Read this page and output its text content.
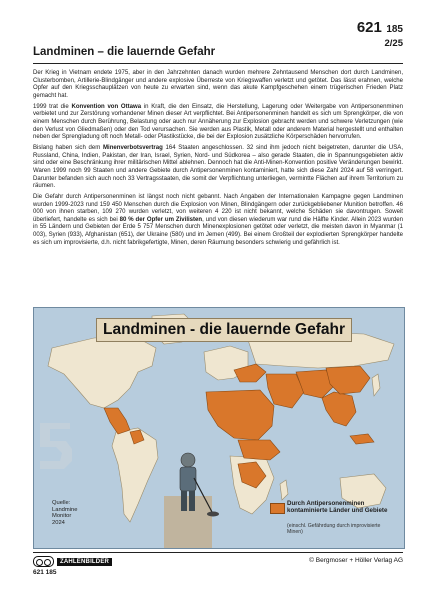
621 185
2/25
Landminen – die lauernde Gefahr

Der Krieg in Vietnam endete 1975, aber in den Jahrzehnten danach wurden mehrere Zehntausend Menschen dort durch Landminen, Clusterbomben, Artillerie-Blindgänger und andere explosive Überreste von Kriegswaffen verletzt und getötet. Das lässt erahnen, welche Opfer auf den Kriegsschauplätzen von heute zu erwarten sind, wenn das akute Kampfgeschehen einem trügerischen Frieden Platz gemacht hat.

1999 trat die Konvention von Ottawa in Kraft, die den Einsatz, die Herstellung, Lagerung oder Weitergabe von Antipersonenminen verbietet und zur Zerstörung vorhandener Minen dieser Art verpflichtet. Bei Antipersonenminen handelt es sich um Sprengkörper, die von einem Menschen durch Berührung, Belastung oder auch nur Annäherung zur Explosion gebracht werden und schwere Verletzungen (wie den Verlust von Gliedmaßen) oder den Tod verursachen. Sie werden aus Plastik, Metall oder anderem Material hergestellt und enthalten neben der Sprengladung oft noch Metall- oder Plastikstücke, die bei der Explosion zusätzliche Körperschäden hervorrufen.

Bislang haben sich dem Minenverbotsvertrag 164 Staaten angeschlossen. 32 sind ihm jedoch nicht beigetreten, darunter die USA, Russland, China, Indien, Pakistan, der Iran, Israel, Syrien, Nord- und Südkorea – also gerade Staaten, die in Spannungsgebieten aktiv sind oder eine Beschränkung ihrer militärischen Mittel ablehnen. Dennoch hat die Anti-Minen-Konvention positive Veränderungen bewirkt. Waren 1999 noch 99 Staaten und andere Gebiete durch Antipersonenminen kontaminiert, hatte sich diese Zahl 2024 auf 58 verringert. Darunter befanden sich auch noch 33 Vertragsstaaten, die somit der Verpflichtung unterliegen, vermintte Flächen auf ihrem Territorium zu räumen.

Die Gefahr durch Antipersonenminen ist längst noch nicht gebannt. Nach Angaben der Internationalen Kampagne gegen Landminen wurden 1999-2023 rund 159 450 Menschen durch die Explosion von Minen, Blindgängern oder zurückgebliebener Munition betroffen. 46 000 von ihnen starben, 109 270 wurden verletzt, von weiteren 4 220 ist nicht bekannt, welche Schäden sie davontrugen. Soweit überliefert, handelte es sich bei 80 % der Opfer um Zivilisten, und von diesen wiederum war rund die Hälfte Kinder. Allein 2023 wurden in 55 Ländern und Gebieten der Erde 5 757 Menschen durch Minenexplosionen getötet oder verletzt, die meisten davon in Myanmar (1 003), Syrien (933), Afghanistan (651), der Ukraine (580) und im Jemen (499). Bei einem Großteil der explodierten Sprengkörper handelte es sich um improvisierte, d.h. nicht fabrikgefertigte, Minen, deren Räumung besonders schwierig und gefährlich ist.

Landminen - die lauernde Gefahr
Quelle:
Landmine
Monitor
2024
Durch Antipersonenminen kontaminierte Länder und Gebiete
(einschl. Gefährdung durch improvisierte Minen)
ZAHLENBILDER
621 185
© Bergmoser + Höller Verlag AG
